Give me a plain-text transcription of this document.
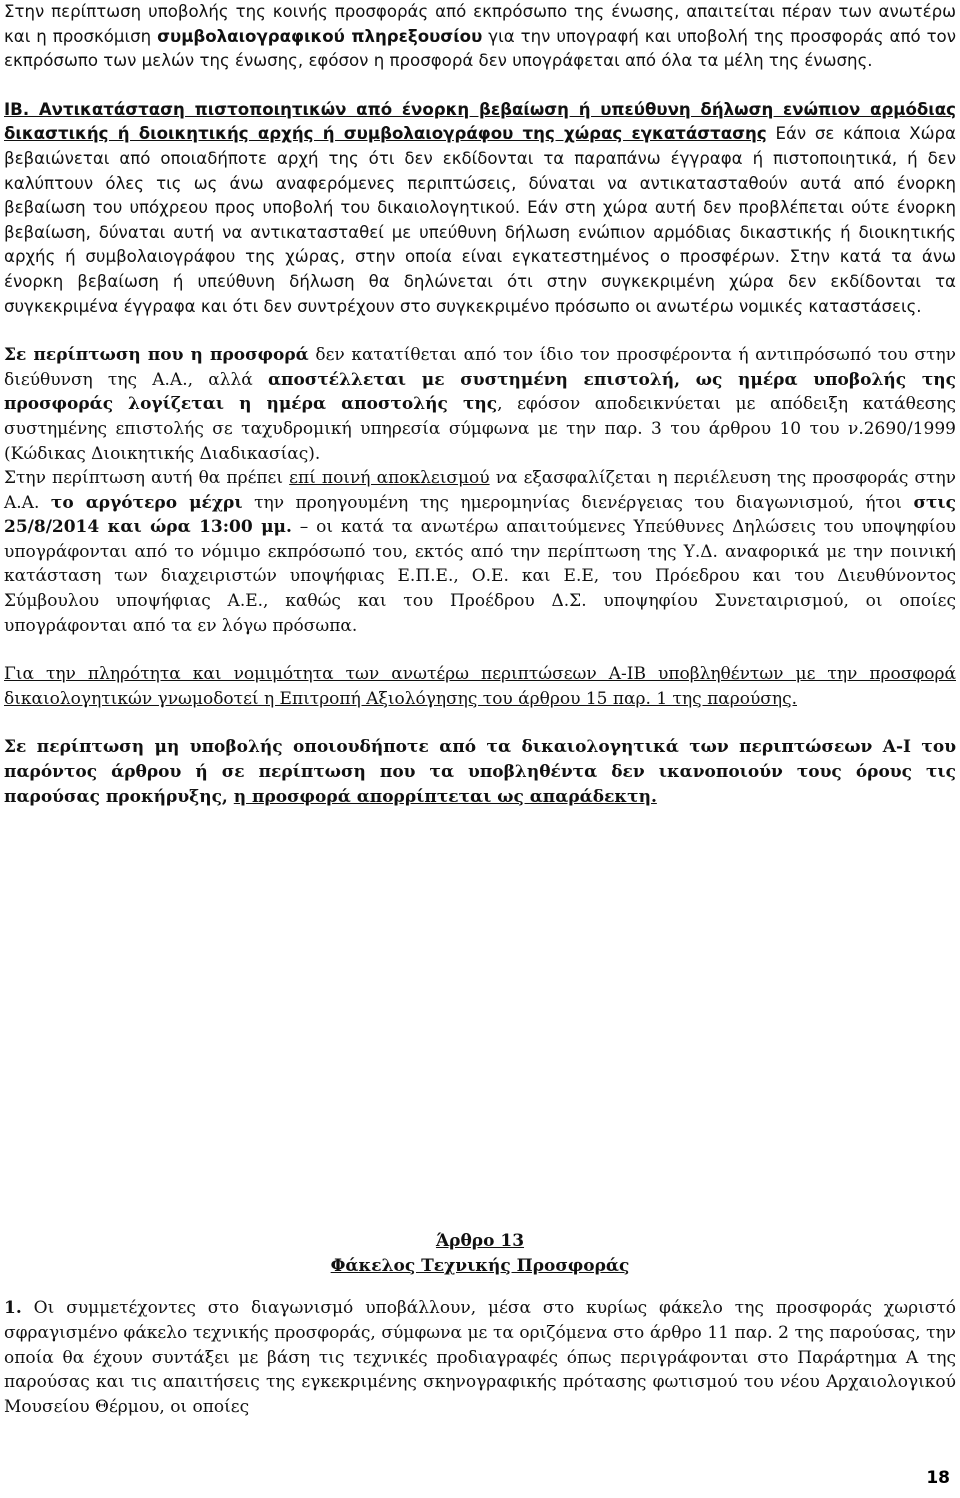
Στην περίπτωση υποβολής της κοινής προσφοράς από εκπρόσωπο της ένωσης, απαιτείται πέραν των ανωτέρω και η προσκόμιση συμβολαιογραφικού πληρεξουσίου για την υπογραφή και υποβολή της προσφοράς από τον εκπρόσωπο των μελών της ένωσης, εφόσον η προσφορά δεν υπογράφεται από όλα τα μέλη της ένωσης.

ΙΒ. Αντικατάσταση πιστοποιητικών από ένορκη βεβαίωση ή υπεύθυνη δήλωση ενώπιον αρμόδιας δικαστικής ή διοικητικής αρχής ή συμβολαιογράφου της χώρας εγκατάστασης Εάν σε κάποια Χώρα βεβαιώνεται από οποιαδήποτε αρχή της ότι δεν εκδίδονται τα παραπάνω έγγραφα ή πιστοποιητικά, ή δεν καλύπτουν όλες τις ως άνω αναφερόμενες περιπτώσεις, δύναται να αντικατασταθούν αυτά από ένορκη βεβαίωση του υπόχρεου προς υποβολή του δικαιολογητικού. Εάν στη χώρα αυτή δεν προβλέπεται ούτε ένορκη βεβαίωση, δύναται αυτή να αντικατασταθεί με υπεύθυνη δήλωση ενώπιον αρμόδιας δικαστικής ή διοικητικής αρχής ή συμβολαιογράφου της χώρας, στην οποία είναι εγκατεστημένος ο προσφέρων. Στην κατά τα άνω ένορκη βεβαίωση ή υπεύθυνη δήλωση θα δηλώνεται ότι στην συγκεκριμένη χώρα δεν εκδίδονται τα συγκεκριμένα έγγραφα και ότι δεν συντρέχουν στο συγκεκριμένο πρόσωπο οι ανωτέρω νομικές καταστάσεις.

Σε περίπτωση που η προσφορά δεν κατατίθεται από τον ίδιο τον προσφέροντα ή αντιπρόσωπό του στην διεύθυνση της Α.Α., αλλά αποστέλλεται με συστημένη επιστολή, ως ημέρα υποβολής της προσφοράς λογίζεται η ημέρα αποστολής της, εφόσον αποδεικνύεται με απόδειξη κατάθεσης συστημένης επιστολής σε ταχυδρομική υπηρεσία σύμφωνα με την παρ. 3 του άρθρου 10 του ν.2690/1999 (Κώδικας Διοικητικής Διαδικασίας).

Στην περίπτωση αυτή θα πρέπει επί ποινή αποκλεισμού να εξασφαλίζεται η περιέλευση της προσφοράς στην Α.Α. το αργότερο μέχρι την προηγουμένη της ημερομηνίας διενέργειας του διαγωνισμού, ήτοι στις 25/8/2014 και ώρα 13:00 μμ. – οι κατά τα ανωτέρω απαιτούμενες Υπεύθυνες Δηλώσεις του υποψηφίου υπογράφονται από το νόμιμο εκπρόσωπό του, εκτός από την περίπτωση της Υ.Δ. αναφορικά με την ποινική κατάσταση των διαχειριστών υποψήφιας Ε.Π.Ε., Ο.Ε. και Ε.Ε, του Πρόεδρου και του Διευθύνοντος Σύμβουλου υποψήφιας Α.Ε., καθώς και του Προέδρου Δ.Σ. υποψηφίου Συνεταιρισμού, οι οποίες υπογράφονται από τα εν λόγω πρόσωπα.

Για την πληρότητα και νομιμότητα των ανωτέρω περιπτώσεων Α-ΙΒ υποβληθέντων με την προσφορά δικαιολογητικών γνωμοδοτεί η Επιτροπή Αξιολόγησης του άρθρου 15 παρ. 1 της παρούσης.

Σε περίπτωση μη υποβολής οποιουδήποτε από τα δικαιολογητικά των περιπτώσεων Α-Ι του παρόντος άρθρου ή σε περίπτωση που τα υποβληθέντα δεν ικανοποιούν τους όρους τις παρούσας προκήρυξης, η προσφορά απορρίπτεται ως απαράδεκτη.

Άρθρο 13

Φάκελος Τεχνικής Προσφοράς

1. Οι συμμετέχοντες στο διαγωνισμό υποβάλλουν, μέσα στο κυρίως φάκελο της προσφοράς χωριστό σφραγισμένο φάκελο τεχνικής προσφοράς, σύμφωνα με τα οριζόμενα στο άρθρο 11 παρ. 2 της παρούσας, την οποία θα έχουν συντάξει με βάση τις τεχνικές προδιαγραφές όπως περιγράφονται στο Παράρτημα Α της παρούσας και τις απαιτήσεις της εγκεκριμένης σκηνογραφικής πρότασης φωτισμού του νέου Αρχαιολογικού Μουσείου Θέρμου, οι οποίες

18
